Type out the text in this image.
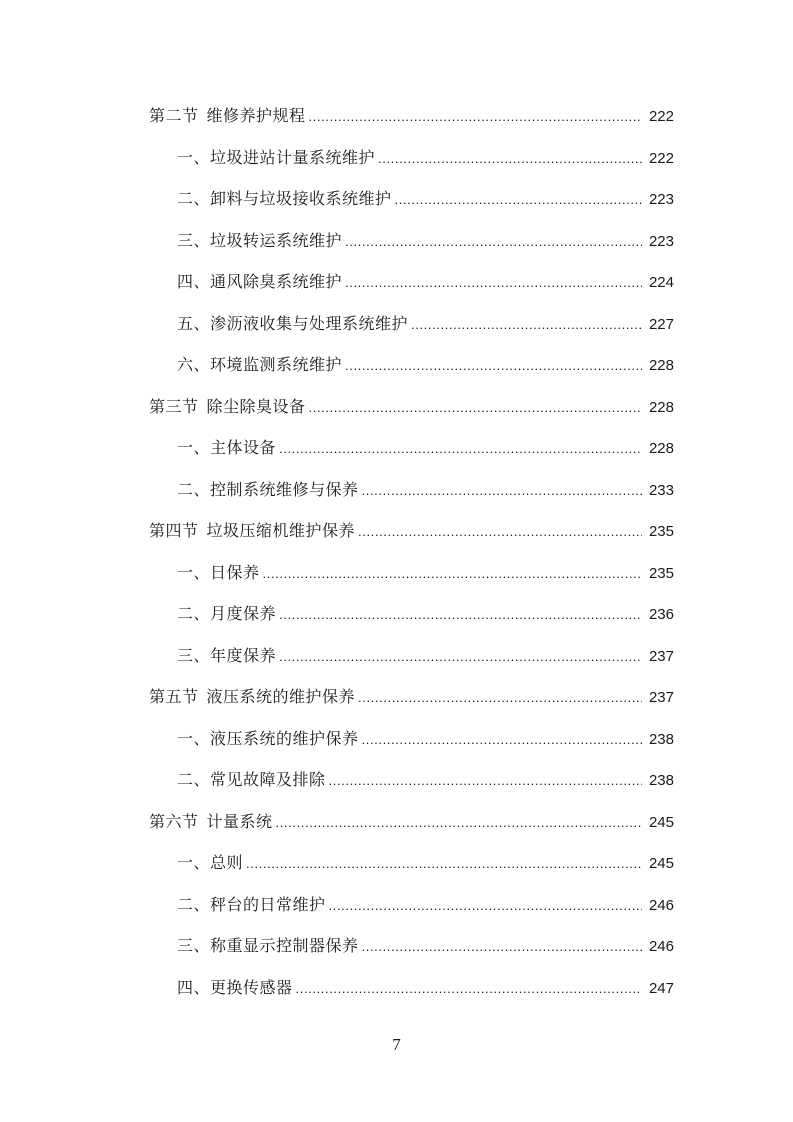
第二节 维修养护规程 .....	222
一、垃圾进站计量系统维护 .....	222
二、卸料与垃圾接收系统维护 .....	223
三、垃圾转运系统维护 .....	223
四、通风除臭系统维护 .....	224
五、渗沥液收集与处理系统维护 .....	227
六、环境监测系统维护 .....	228
第三节 除尘除臭设备 .....	228
一、主体设备 .....	228
二、控制系统维修与保养 .....	233
第四节 垃圾压缩机维护保养 .....	235
一、日保养 .....	235
二、月度保养 .....	236
三、年度保养 .....	237
第五节 液压系统的维护保养 .....	237
一、液压系统的维护保养 .....	238
二、常见故障及排除 .....	238
第六节 计量系统 .....	245
一、总则 .....	245
二、秤台的日常维护 .....	246
三、称重显示控制器保养 .....	246
四、更换传感器 .....	247
7
